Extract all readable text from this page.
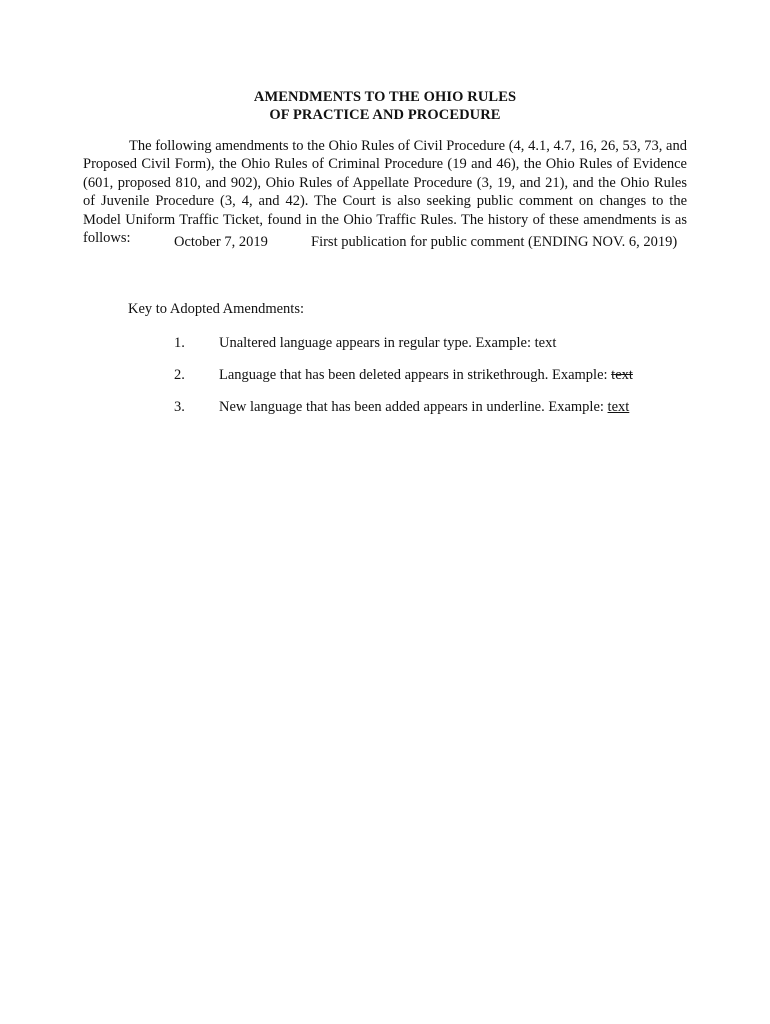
AMENDMENTS TO THE OHIO RULES
OF PRACTICE AND PROCEDURE

The following amendments to the Ohio Rules of Civil Procedure (4, 4.1, 4.7, 16, 26, 53, 73, and Proposed Civil Form), the Ohio Rules of Criminal Procedure (19 and 46), the Ohio Rules of Evidence (601, proposed 810, and 902), Ohio Rules of Appellate Procedure (3, 19, and 21), and the Ohio Rules of Juvenile Procedure (3, 4, and 42). The Court is also seeking public comment on changes to the Model Uniform Traffic Ticket, found in the Ohio Traffic Rules. The history of these amendments is as follows:	October 7, 2019	First publication for public comment (ENDING NOV. 6, 2019)
Key to Adopted Amendments:
1. Unaltered language appears in regular type. Example: text
2. Language that has been deleted appears in strikethrough. Example: text
3. New language that has been added appears in underline. Example: text
